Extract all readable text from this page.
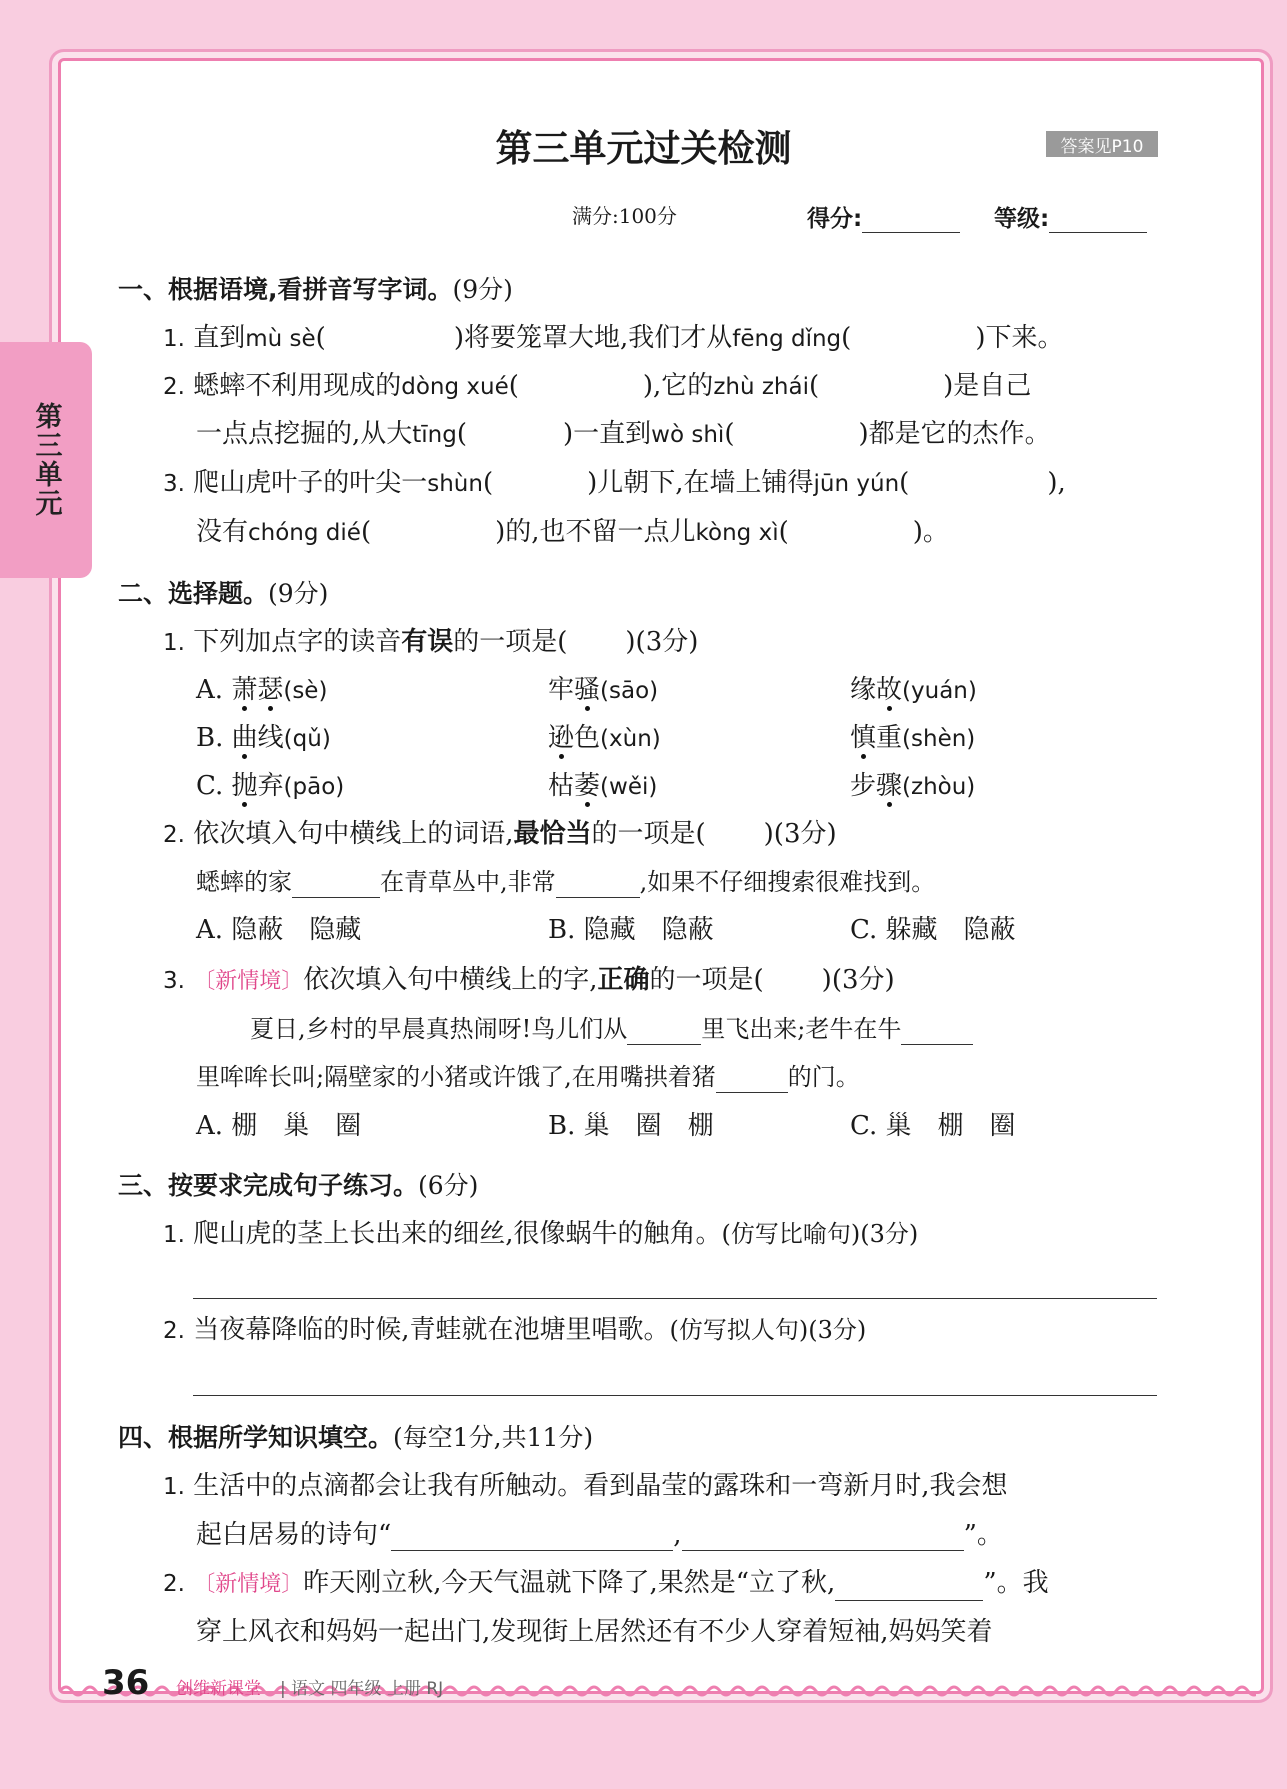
第三单元
第三单元过关检测	答案见P10
满分:100分	得分:	等级:
一、根据语境,看拼音写字词。(9分)
1. 直到mù sè(	)将要笼罩大地,我们才从fēng dǐng(	)下来。
2. 蟋蟀不利用现成的dòng xué(	),它的zhù zhái(	)是自己
一点点挖掘的,从大tīng(	)一直到wò shì(	)都是它的杰作。
3. 爬山虎叶子的叶尖一shùn(	)儿朝下,在墙上铺得jūn yún(	),
没有chóng dié(	)的,也不留一点儿kòng xì(	)。
二、选择题。(9分)
1. 下列加点字的读音有误的一项是( )(3分)
A. 萧瑟(sè)	牢骚(sāo)	缘故(yuán)
B. 曲线(qǔ)	逊色(xùn)	慎重(shèn)
C. 抛弃(pāo)	枯萎(wěi)	步骤(zhòu)
2. 依次填入句中横线上的词语,最恰当的一项是( )(3分)
蟋蟀的家	在青草丛中,非常	,如果不仔细搜索很难找到。
A. 隐蔽　隐藏	B. 隐藏　隐蔽	C. 躲藏　隐蔽
3. 〔新情境〕依次填入句中横线上的字,正确的一项是( )(3分)
夏日,乡村的早晨真热闹呀!鸟儿们从	里飞出来;老牛在牛
里哞哞长叫;隔壁家的小猪或许饿了,在用嘴拱着猪	的门。
A. 棚　巢　圈	B. 巢　圈　棚	C. 巢　棚　圈
三、按要求完成句子练习。(6分)
1. 爬山虎的茎上长出来的细丝,很像蜗牛的触角。(仿写比喻句)(3分)
2. 当夜幕降临的时候,青蛙就在池塘里唱歌。(仿写拟人句)(3分)
四、根据所学知识填空。(每空1分,共11分)
1. 生活中的点滴都会让我有所触动。看到晶莹的露珠和一弯新月时,我会想
起白居易的诗句“	,	”。
2. 〔新情境〕昨天刚立秋,今天气温就下降了,果然是“立了秋,	”。我
穿上风衣和妈妈一起出门,发现街上居然还有不少人穿着短袖,妈妈笑着
36 创维新课堂 | 语文 四年级 上册 RJ
